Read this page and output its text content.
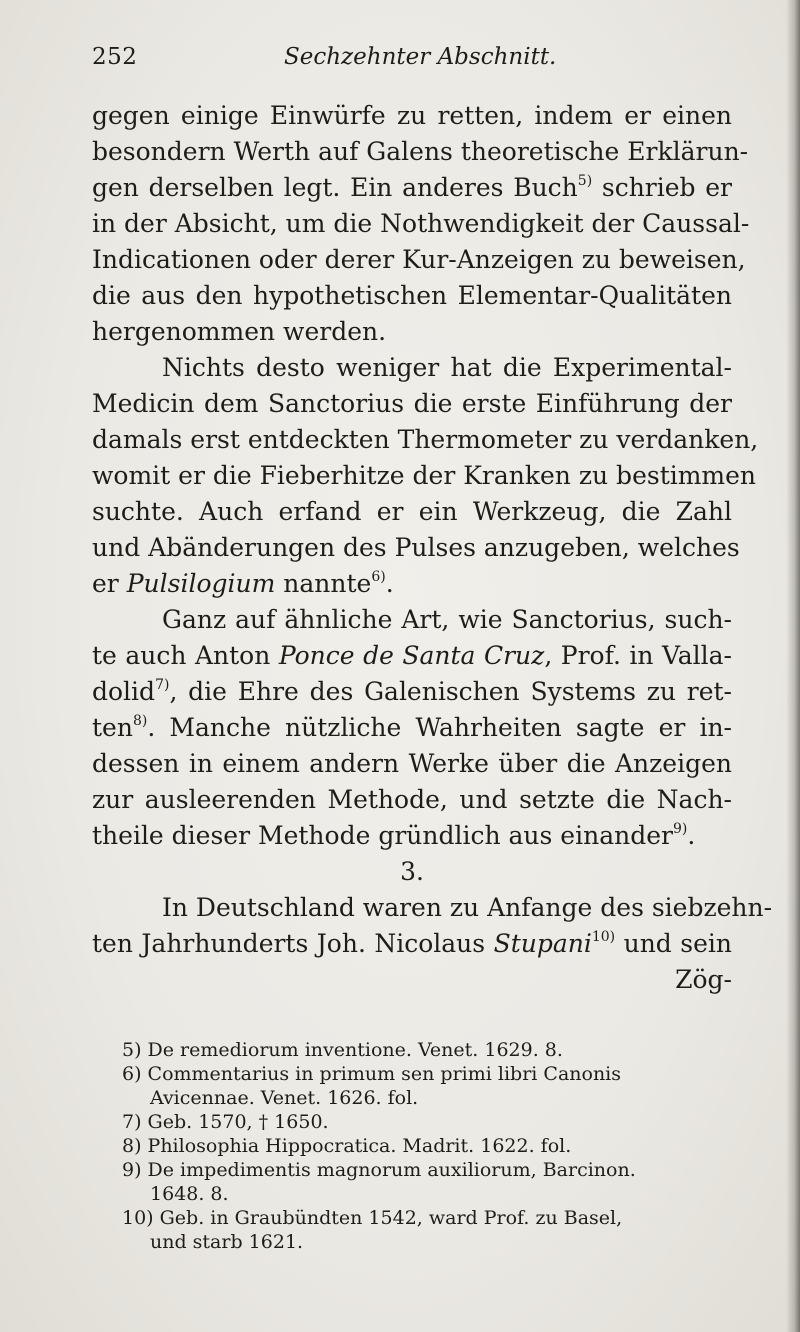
252	Sechzehnter Abschnitt.
gegen einige Einwürfe zu retten, indem er einen
besondern Werth auf Galens theoretische Erklärun-
gen derselben legt. Ein anderes Buch$^{5)}$ schrieb er
in der Absicht, um die Nothwendigkeit der Caussal-
Indicationen oder derer Kur-Anzeigen zu beweisen,
die aus den hypothetischen Elementar-Qualitäten
hergenommen werden.
Nichts desto weniger hat die Experimental-
Medicin dem Sanctorius die erste Einführung der
damals erst entdeckten Thermometer zu verdanken,
womit er die Fieberhitze der Kranken zu bestimmen
suchte. Auch erfand er ein Werkzeug, die Zahl
und Abänderungen des Pulses anzugeben, welches
er Pulsilogium nannte$^{6)}$.
Ganz auf ähnliche Art, wie Sanctorius, such-
te auch Anton Ponce de Santa Cruz, Prof. in Valla-
dolid$^{7)}$, die Ehre des Galenischen Systems zu ret-
ten$^{8)}$. Manche nützliche Wahrheiten sagte er in-
dessen in einem andern Werke über die Anzeigen
zur ausleerenden Methode, und setzte die Nach-
theile dieser Methode gründlich aus einander$^{9)}$.
3.
In Deutschland waren zu Anfange des siebzehn-
ten Jahrhunderts Joh. Nicolaus Stupani$^{10)}$ und sein
Zög-
5) De remediorum inventione. Venet. 1629. 8.
6) Commentarius in primum sen primi libri Canonis
Avicennae. Venet. 1626. fol.
7) Geb. 1570, † 1650.
8) Philosophia Hippocratica. Madrit. 1622. fol.
9) De impedimentis magnorum auxiliorum, Barcinon.
1648. 8.
10) Geb. in Graubündten 1542, ward Prof. zu Basel,
und starb 1621.
